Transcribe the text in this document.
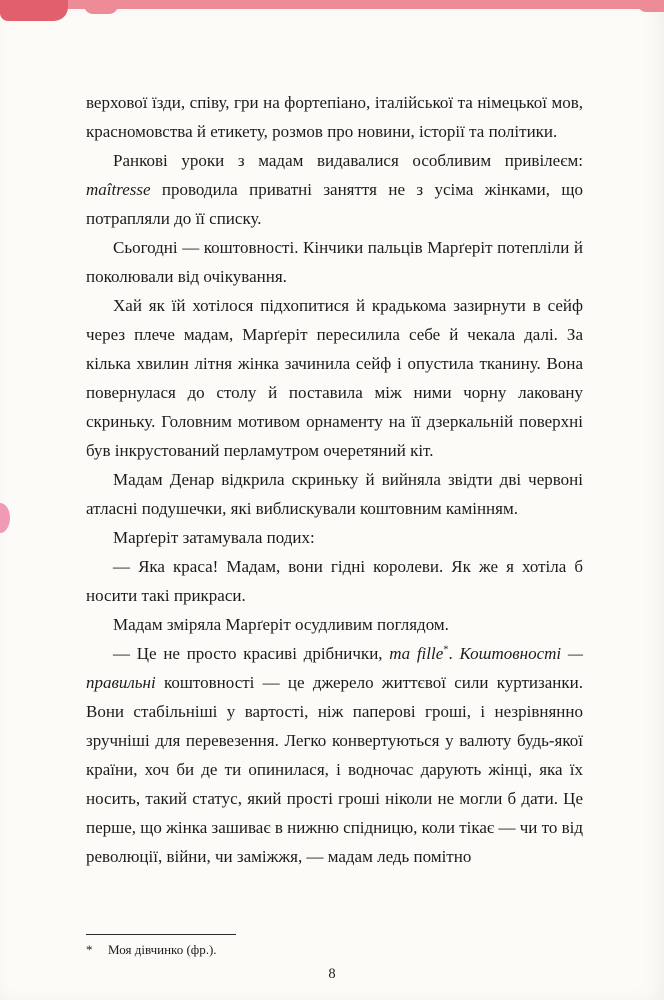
верхової їзди, співу, гри на фортепіано, італійської та німецької мов, красномовства й етикету, розмов про новини, історії та політики.

Ранкові уроки з мадам видавалися особливим привілеєм: maîtresse проводила приватні заняття не з усіма жінками, що потрапляли до її списку.

Сьогодні — коштовності. Кінчики пальців Марґеріт потепліли й поколювали від очікування.

Хай як їй хотілося підхопитися й крадькома зазирнути в сейф через плече мадам, Марґеріт пересилила себе й чекала далі. За кілька хвилин літня жінка зачинила сейф і опустила тканину. Вона повернулася до столу й поставила між ними чорну лаковану скриньку. Головним мотивом орнаменту на її дзеркальній поверхні був інкрустований перламутром очеретяний кіт.

Мадам Денар відкрила скриньку й вийняла звідти дві червоні атласні подушечки, які виблискували коштовним камінням.

Марґеріт затамувала подих:

— Яка краса! Мадам, вони гідні королеви. Як же я хотіла б носити такі прикраси.

Мадам зміряла Марґеріт осудливим поглядом.

— Це не просто красиві дрібнички, ma fille*. Коштовності — правильні коштовності — це джерело життєвої сили куртизанки. Вони стабільніші у вартості, ніж паперові гроші, і незрівнянно зручніші для перевезення. Легко конвертуються у валюту будь-якої країни, хоч би де ти опинилася, і водночас дарують жінці, яка їх носить, такий статус, який прості гроші ніколи не могли б дати. Це перше, що жінка зашиває в нижню спідницю, коли тікає — чи то від революції, війни, чи заміжжя, — мадам ледь помітно

* Моя дівчинко (фр.).
8
